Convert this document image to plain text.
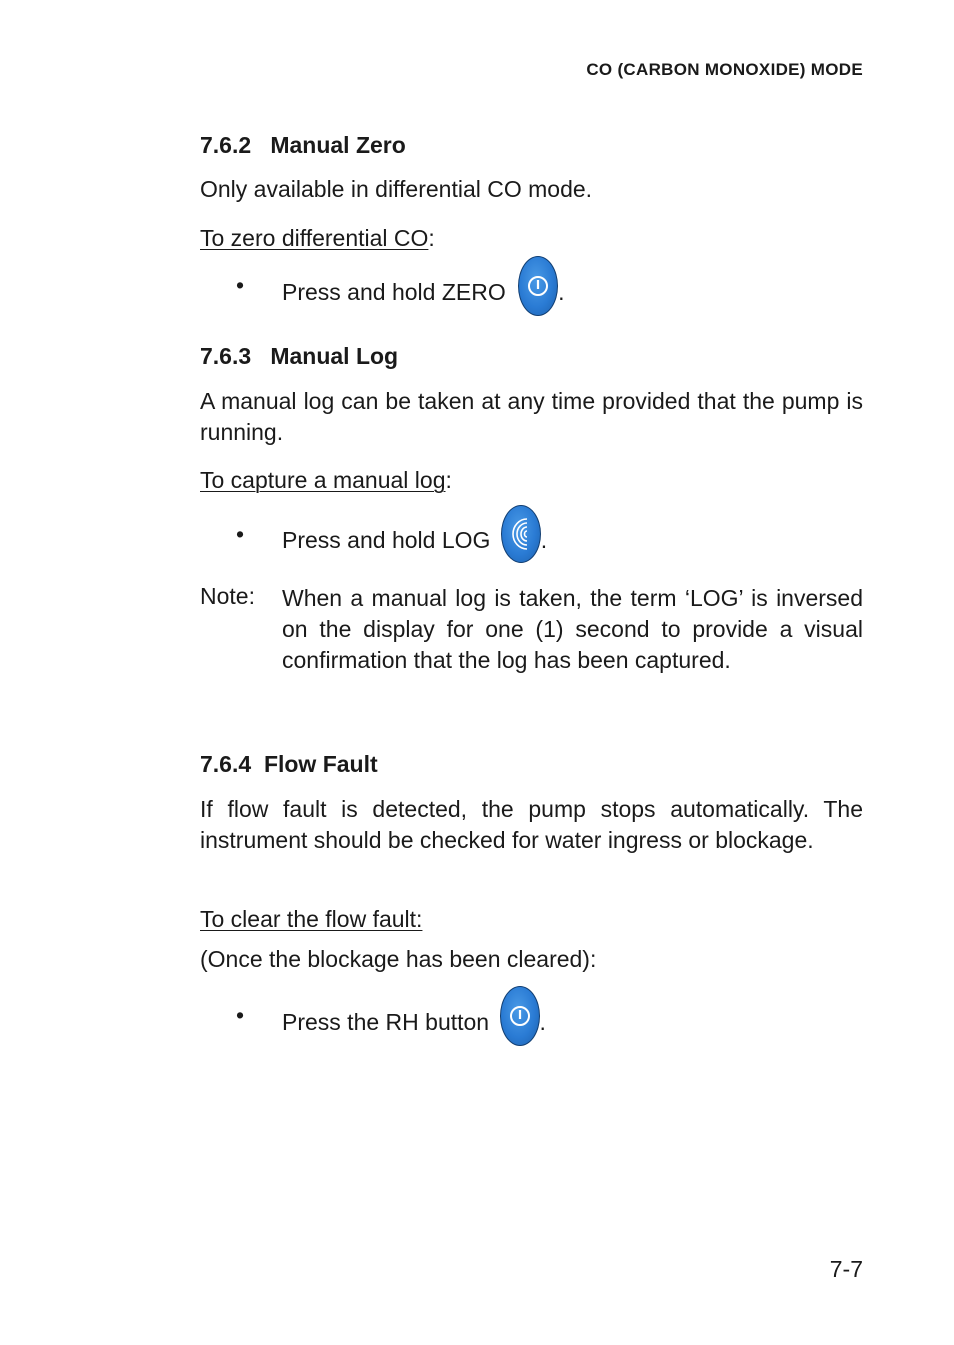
CO (CARBON MONOXIDE) MODE
7.6.2 Manual Zero
Only available in differential CO mode.
To zero differential CO:
• Press and hold ZERO .
7.6.3 Manual Log
A manual log can be taken at any time provided that the pump is running.
To capture a manual log:
• Press and hold LOG .
Note: When a manual log is taken, the term ‘LOG’ is inversed on the display for one (1) second to provide a visual confirmation that the log has been captured.
7.6.4 Flow Fault
If flow fault is detected, the pump stops automatically. The instrument should be checked for water ingress or blockage.
To clear the flow fault:
(Once the blockage has been cleared):
• Press the RH button .
7-7
